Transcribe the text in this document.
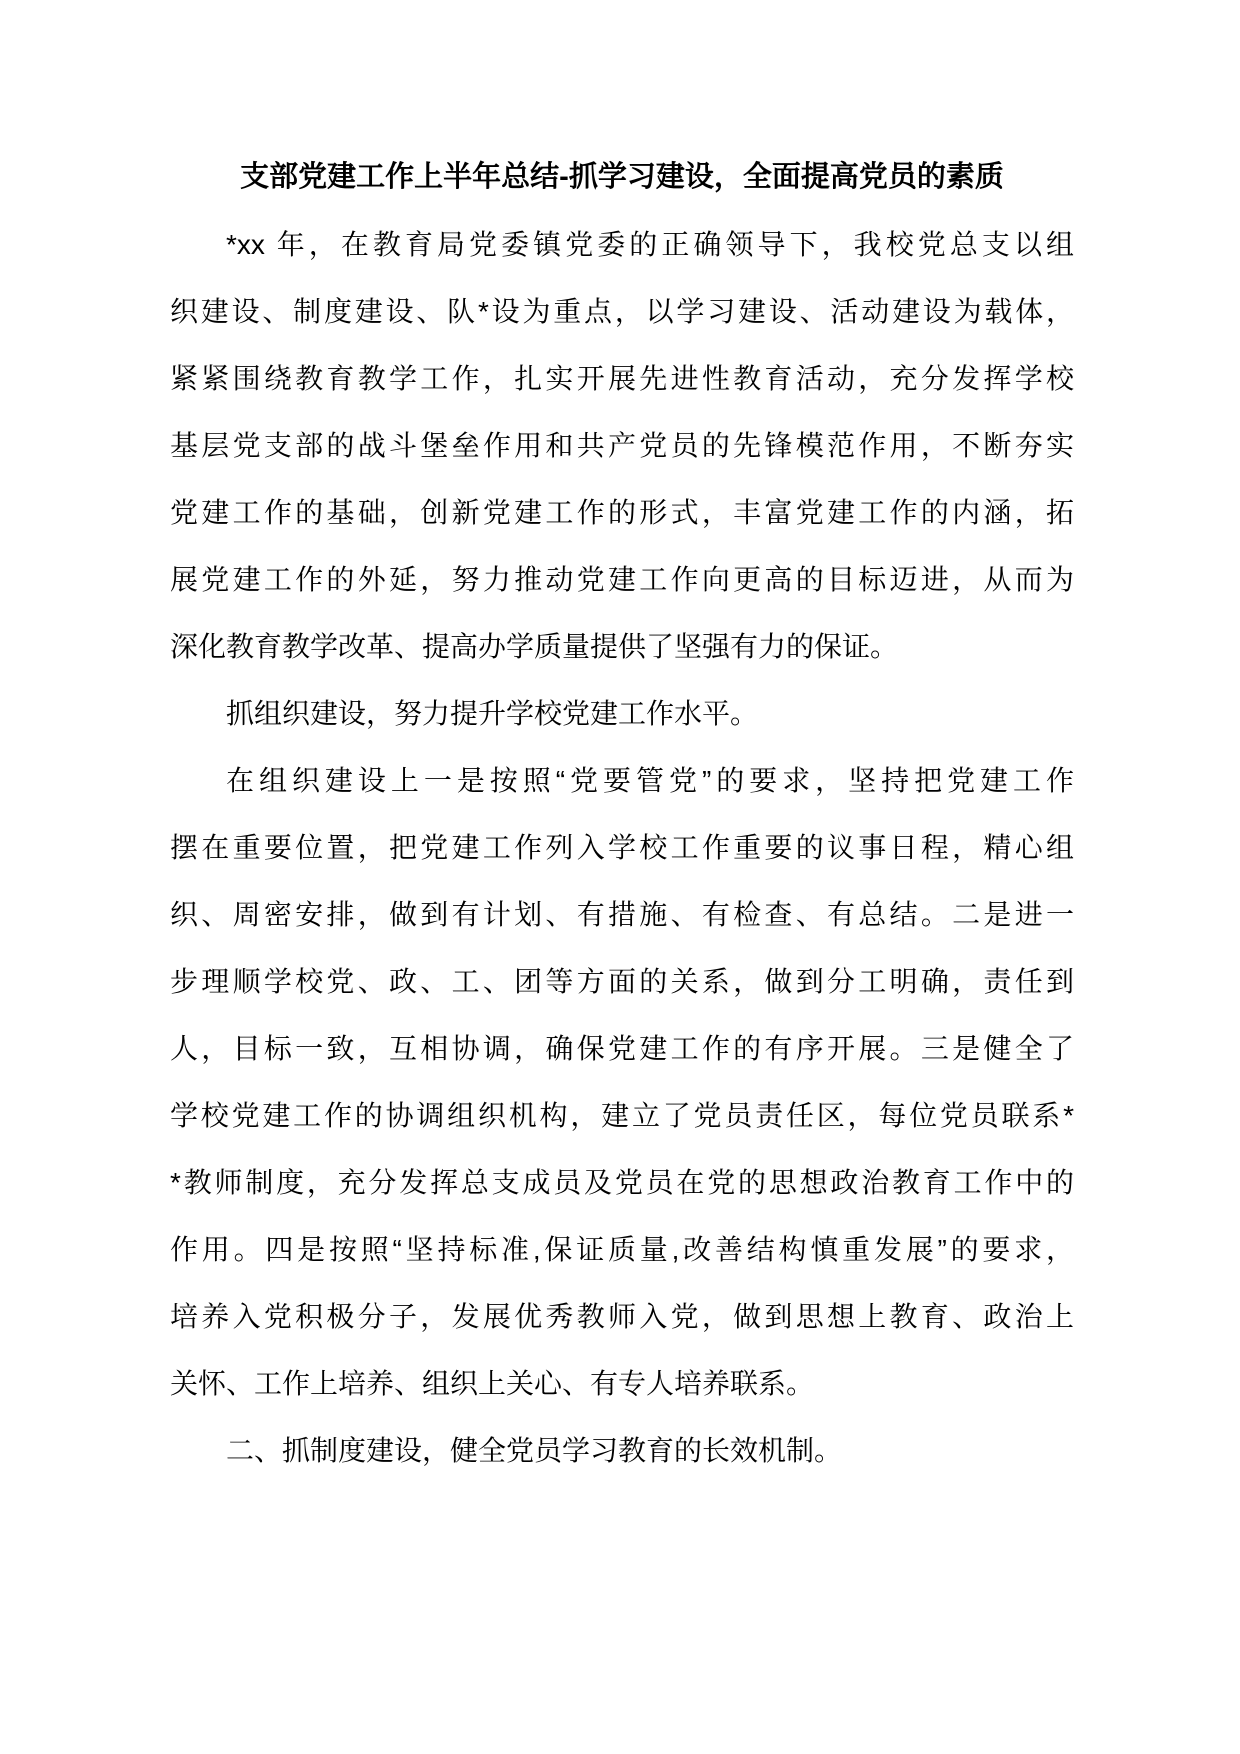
支部党建工作上半年总结-抓学习建设，全面提高党员的素质
*xx 年，在教育局党委镇党委的正确领导下，我校党总支以组
织建设、制度建设、队*设为重点，以学习建设、活动建设为载体，
紧紧围绕教育教学工作，扎实开展先进性教育活动，充分发挥学校
基层党支部的战斗堡垒作用和共产党员的先锋模范作用，不断夯实
党建工作的基础，创新党建工作的形式，丰富党建工作的内涵，拓
展党建工作的外延，努力推动党建工作向更高的目标迈进，从而为
深化教育教学改革、提高办学质量提供了坚强有力的保证。
抓组织建设，努力提升学校党建工作水平。
在组织建设上一是按照“党要管党”的要求，坚持把党建工作
摆在重要位置，把党建工作列入学校工作重要的议事日程，精心组
织、周密安排，做到有计划、有措施、有检查、有总结。二是进一
步理顺学校党、政、工、团等方面的关系，做到分工明确，责任到
人，目标一致，互相协调，确保党建工作的有序开展。三是健全了
学校党建工作的协调组织机构，建立了党员责任区，每位党员联系*
*教师制度，充分发挥总支成员及党员在党的思想政治教育工作中的
作用。四是按照“坚持标准,保证质量,改善结构慎重发展”的要求，
培养入党积极分子，发展优秀教师入党，做到思想上教育、政治上
关怀、工作上培养、组织上关心、有专人培养联系。
二、抓制度建设，健全党员学习教育的长效机制。
